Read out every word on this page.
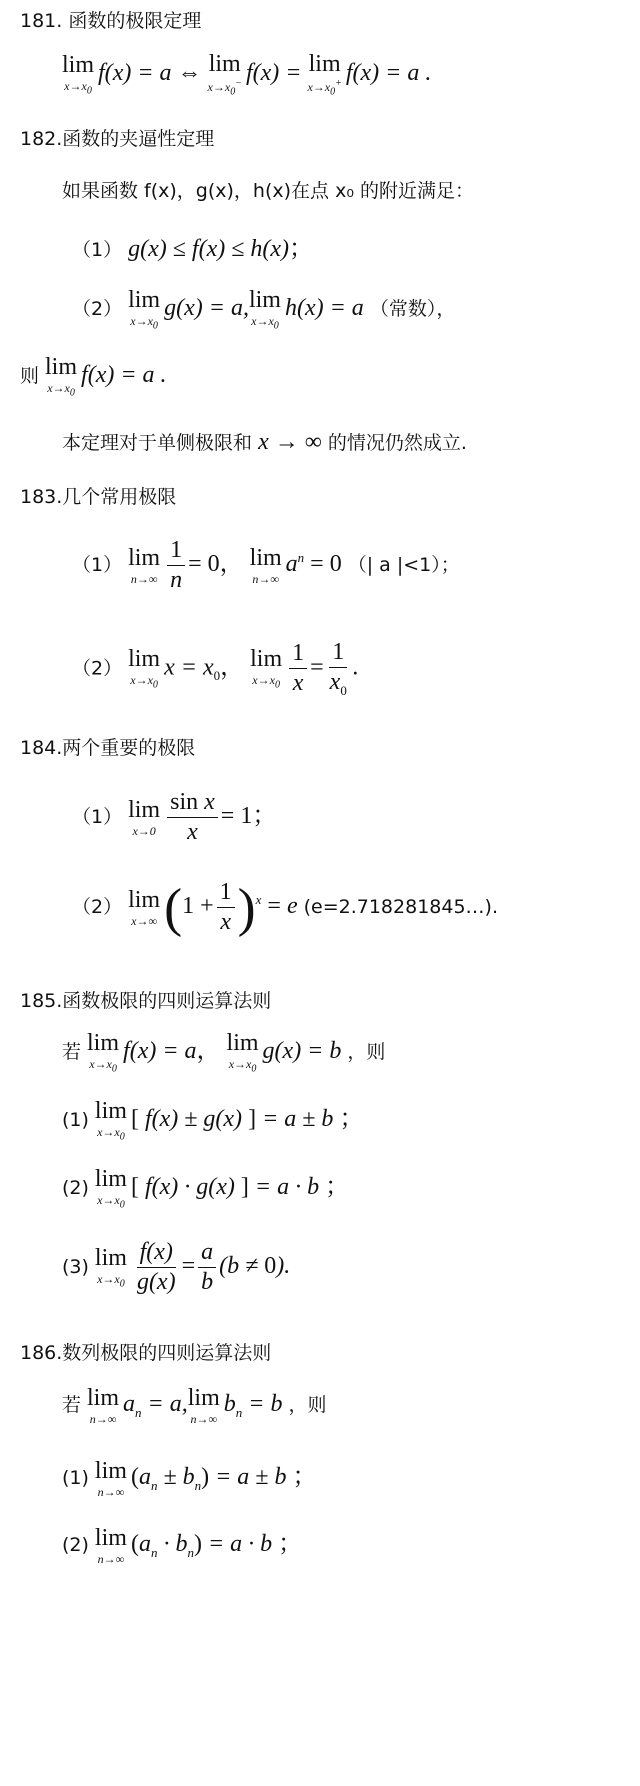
181. 函数的极限定理
lim
$x\to x_0$
f(x) = a ⇔ lim
$x\to x_0^-$ f(x) = lim
$x\to x_0^+$ f(x) = a .
182.函数的夹逼性定理
如果函数 f(x)，g(x)，h(x)在点 x₀ 的附近满足：
（1） g(x) ≤ f(x) ≤ h(x)；
（2） lim
$x\to x_0$
g(x) = a, lim
$x\to x_0$
h(x) = a （常数），
则 lim
$x\to x_0$
f(x) = a .
本定理对于单侧极限和 x → ∞ 的情况仍然成立.
183.几个常用极限
（1） lim
$n\to\infty \frac{1}{n} = 0$， lim
n→∞
$a^n = 0$ （| a |<1）；
（2） lim
$x\to x_0$
$x = x_0$， lim
$x\to x_0 \frac{1}{x} = \frac{1}{x_0}$ .
184.两个重要的极限
（1） lim
$x\to 0 \frac{\text{sin x}}{x} = 1$；
（2） lim
x→∞ $(1 + \frac{1}{x} )^x = e$ (e=2.718281845…).
185.函数极限的四则运算法则
若 lim
$x\to x_0$
f(x) = a， lim
$x\to x_0$
g(x) = b ，则
(1) lim
$x\to x_0$
[ f(x) ± g(x) ] = a ± b ；
(2) lim
$x\to x_0$
[ f(x) · g(x) ] = a · b ；
(3) lim
$x\to x_0 \frac{f(x)}{g(x)} = \frac{a}{b} (b \ne 0)$.
186.数列极限的四则运算法则
若 lim
n→∞
$a_n = a$, lim
n→∞
$b_n = b$ ，则
(1) lim
n→∞
$(a_n \pm b_n) = a \pm b$ ；
(2) lim
n→∞
$(a_n \cdot b_n) = a \cdot b$ ；
